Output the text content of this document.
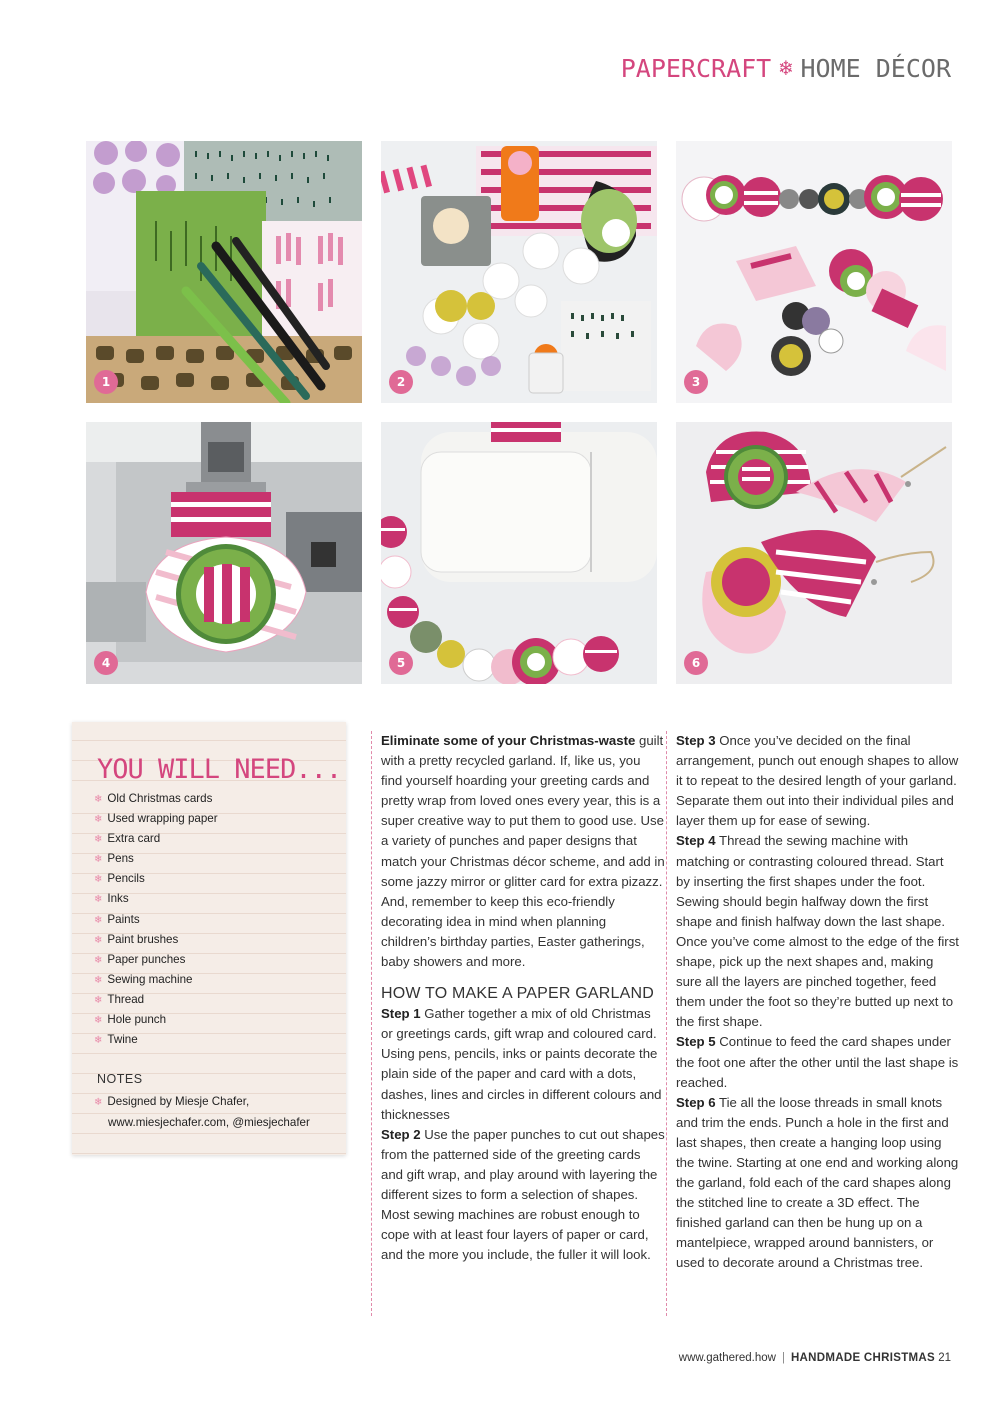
PAPERCRAFT ❄ HOME DÉCOR
1	2	3
4	5	6
YOU WILL NEED...
❄ Old Christmas cards
❄ Used wrapping paper
❄ Extra card
❄ Pens
❄ Pencils
❄ Inks
❄ Paints
❄ Paint brushes
❄ Paper punches
❄ Sewing machine
❄ Thread
❄ Hole punch
❄ Twine
NOTES
❄ Designed by Miesje Chafer,
www.miesjechafer.com, @miesjechafer

Eliminate some of your Christmas-waste guilt with a pretty recycled garland. If, like us, you find yourself hoarding your greeting cards and pretty wrap from loved ones every year, this is a super creative way to put them to good use. Use a variety of punches and paper designs that match your Christmas décor scheme, and add in some jazzy mirror or glitter card for extra pizazz. And, remember to keep this eco-friendly decorating idea in mind when planning children’s birthday parties, Easter gatherings, baby showers and more.

HOW TO MAKE A PAPER GARLAND

Step 1 Gather together a mix of old Christmas or greetings cards, gift wrap and coloured card. Using pens, pencils, inks or paints decorate the plain side of the paper and card with a dots, dashes, lines and circles in different colours and thicknesses

Step 2 Use the paper punches to cut out shapes from the patterned side of the greeting cards and gift wrap, and play around with layering the different sizes to form a selection of shapes. Most sewing machines are robust enough to cope with at least four layers of paper or card, and the more you include, the fuller it will look.

Step 3 Once you’ve decided on the final arrangement, punch out enough shapes to allow it to repeat to the desired length of your garland. Separate them out into their individual piles and layer them up for ease of sewing.

Step 4 Thread the sewing machine with matching or contrasting coloured thread. Start by inserting the first shapes under the foot. Sewing should begin halfway down the first shape and finish halfway down the last shape. Once you’ve come almost to the edge of the first shape, pick up the next shapes and, making sure all the layers are pinched together, feed them under the foot so they’re butted up next to the first shape.

Step 5 Continue to feed the card shapes under the foot one after the other until the last shape is reached.

Step 6 Tie all the loose threads in small knots and trim the ends. Punch a hole in the first and last shapes, then create a hanging loop using the twine. Starting at one end and working along the garland, fold each of the card shapes along the stitched line to create a 3D effect. The finished garland can then be hung up on a mantelpiece, wrapped around bannisters, or used to decorate around a Christmas tree.

www.gathered.how | HANDMADE CHRISTMAS 21
